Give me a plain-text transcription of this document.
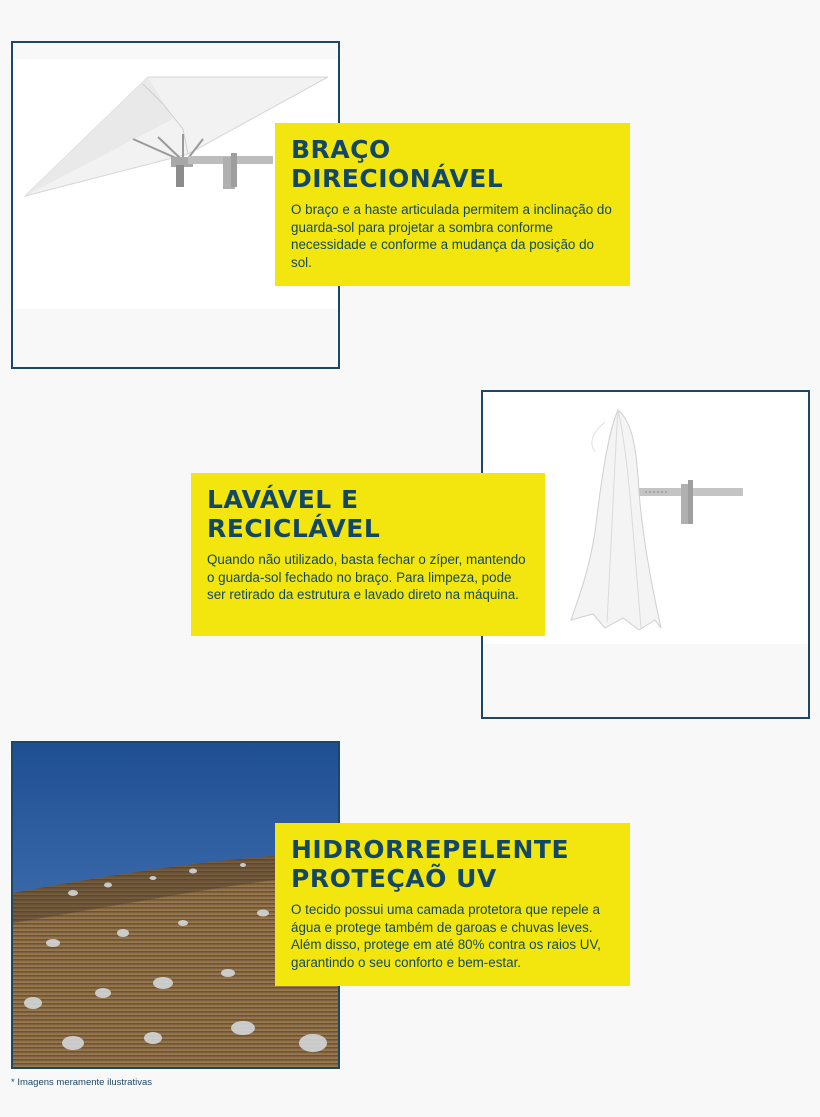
BRAÇO
DIRECIONÁVEL

O braço e a haste articulada permitem a inclinação do guarda-sol para projetar a sombra conforme necessidade e conforme a mudança da posição do sol.

LAVÁVEL E
RECICLÁVEL

Quando não utilizado, basta fechar o zíper, mantendo o guarda-sol fechado no braço. Para limpeza, pode ser retirado da estrutura e lavado direto na máquina.

HIDRORREPELENTE
PROTEÇAÕ UV

O tecido possui uma camada protetora que repele a água e protege também de garoas e chuvas leves. Além disso, protege em até 80% contra os raios UV, garantindo o seu conforto e bem-estar.

* Imagens meramente ilustrativas
